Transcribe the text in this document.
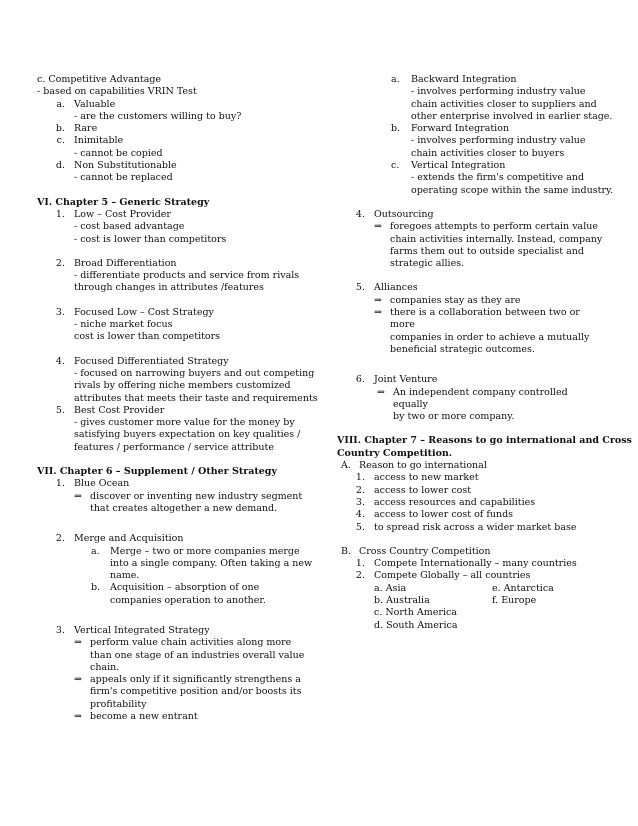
c. Competitive Advantage
- based on capabilities VRIN Test
a. Valuable
- are the customers willing to buy?
b. Rare
c. Inimitable
- cannot be copied
d. Non Substitutionable
- cannot be replaced
VI. Chapter 5 – Generic Strategy
1. Low – Cost Provider
- cost based advantage
- cost is lower than competitors
2. Broad Differentiation
- differentiate products and service from rivals
through changes in attributes /features
3. Focused Low – Cost Strategy
- niche market focus
cost is lower than competitors
4. Focused Differentiated Strategy
- focused on narrowing buyers and out competing
rivals by offering niche members customized
attributes that meets their taste and requirements
5. Best Cost Provider
- gives customer more value for the money by
satisfying buyers expectation on key qualities /
features / performance / service attribute
VII. Chapter 6 – Supplement / Other Strategy
1. Blue Ocean
⇒ discover or inventing new industry segment
that creates altogether a new demand.
2. Merge and Acquisition
a.	Merge – two or more companies merge
into a single company. Often taking a new
name.
b.	Acquisition – absorption of one
companies operation to another.
3. Vertical Integrated Strategy
⇒ perform value chain activities along more
than one stage of an industries overall value
chain.
⇒ appeals only if it significantly strengthens a
firm's competitive position and/or boosts its
profitability
⇒ become a new entrant
a.	Backward Integration
- involves performing industry value
chain activities closer to suppliers and
other enterprise involved in earlier stage.
b.	Forward Integration
- involves performing industry value
chain activities closer to buyers
c.	Vertical Integration
- extends the firm's competitive and
operating scope within the same industry.
4. Outsourcing
⇒ foregoes attempts to perform certain value
chain activities internally. Instead, company
farms them out to outside specialist and
strategic allies.
5. Alliances
⇒ companies stay as they are
⇒ there is a collaboration between two or more
companies in order to achieve a mutually
beneficial strategic outcomes.
6. Joint Venture
⇒ An independent company controlled equally
by two or more company.
VIII. Chapter 7 – Reasons to go international and Cross
Country Competition.
A. Reason to go international
1. access to new market
2. access to lower cost
3. access resources and capabilities
4. access to lower cost of funds
5. to spread risk across a wider market base
B. Cross Country Competition
1. Compete Internationally – many countries
2. Compete Globally – all countries
a. Asia	e. Antarctica
b. Australia	f. Europe
c. North America
d. South America
